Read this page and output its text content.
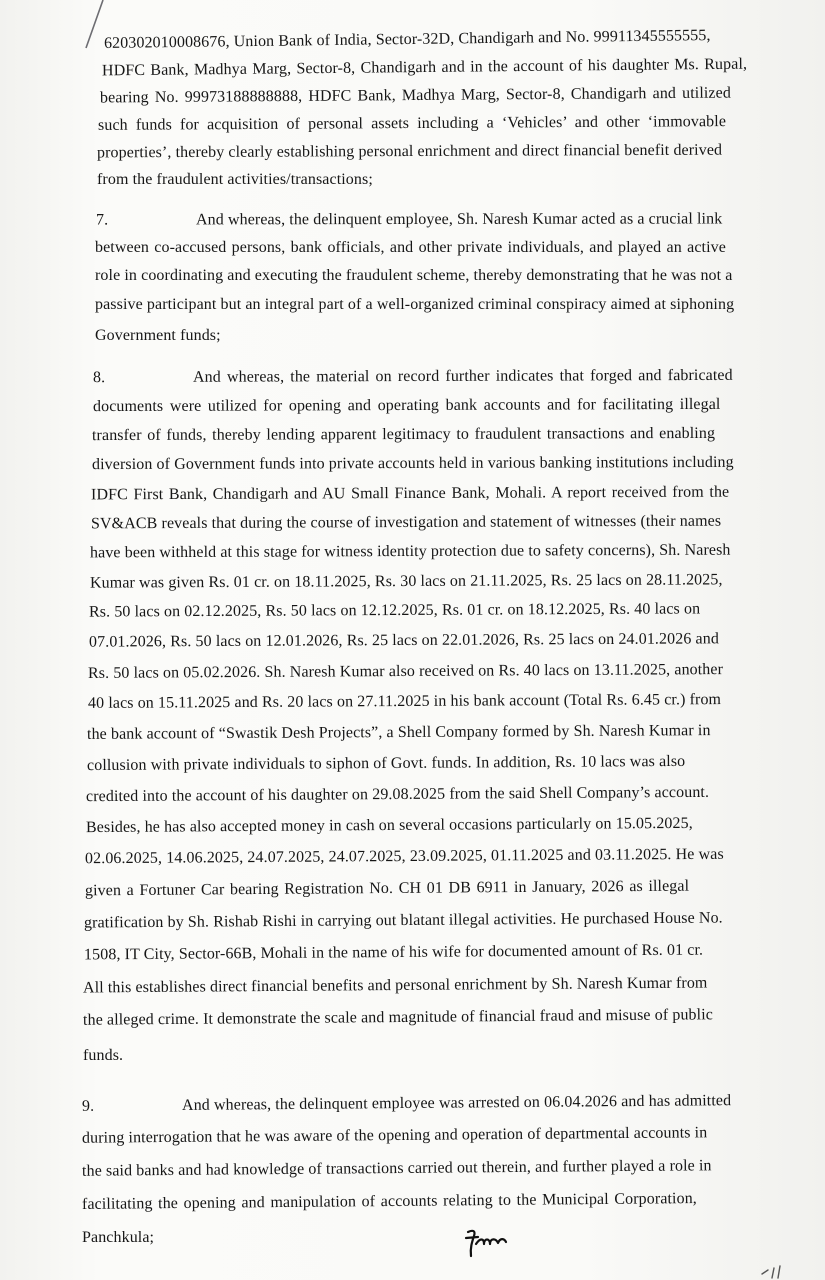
620302010008676, Union Bank of India, Sector-32D, Chandigarh and No. 99911345555555,
HDFC Bank, Madhya Marg, Sector-8, Chandigarh and in the account of his daughter Ms. Rupal,
bearing No. 99973188888888, HDFC Bank, Madhya Marg, Sector-8, Chandigarh and utilized
such funds for acquisition of personal assets including a ‘Vehicles’ and other ‘immovable
properties’, thereby clearly establishing personal enrichment and direct financial benefit derived
from the fraudulent activities/transactions;
7.	And whereas, the delinquent employee, Sh. Naresh Kumar acted as a crucial link
between co-accused persons, bank officials, and other private individuals, and played an active
role in coordinating and executing the fraudulent scheme, thereby demonstrating that he was not a
passive participant but an integral part of a well-organized criminal conspiracy aimed at siphoning
Government funds;
8.	And whereas, the material on record further indicates that forged and fabricated
documents were utilized for opening and operating bank accounts and for facilitating illegal
transfer of funds, thereby lending apparent legitimacy to fraudulent transactions and enabling
diversion of Government funds into private accounts held in various banking institutions including
IDFC First Bank, Chandigarh and AU Small Finance Bank, Mohali. A report received from the
SV&ACB reveals that during the course of investigation and statement of witnesses (their names
have been withheld at this stage for witness identity protection due to safety concerns), Sh. Naresh
Kumar was given Rs. 01 cr. on 18.11.2025, Rs. 30 lacs on 21.11.2025, Rs. 25 lacs on 28.11.2025,
Rs. 50 lacs on 02.12.2025, Rs. 50 lacs on 12.12.2025, Rs. 01 cr. on 18.12.2025, Rs. 40 lacs on
07.01.2026, Rs. 50 lacs on 12.01.2026, Rs. 25 lacs on 22.01.2026, Rs. 25 lacs on 24.01.2026 and
Rs. 50 lacs on 05.02.2026. Sh. Naresh Kumar also received on Rs. 40 lacs on 13.11.2025, another
40 lacs on 15.11.2025 and Rs. 20 lacs on 27.11.2025 in his bank account (Total Rs. 6.45 cr.) from
the bank account of “Swastik Desh Projects”, a Shell Company formed by Sh. Naresh Kumar in
collusion with private individuals to siphon of Govt. funds. In addition, Rs. 10 lacs was also
credited into the account of his daughter on 29.08.2025 from the said Shell Company’s account.
Besides, he has also accepted money in cash on several occasions particularly on 15.05.2025,
02.06.2025, 14.06.2025, 24.07.2025, 24.07.2025, 23.09.2025, 01.11.2025 and 03.11.2025. He was
given a Fortuner Car bearing Registration No. CH 01 DB 6911 in January, 2026 as illegal
gratification by Sh. Rishab Rishi in carrying out blatant illegal activities. He purchased House No.
1508, IT City, Sector-66B, Mohali in the name of his wife for documented amount of Rs. 01 cr.
All this establishes direct financial benefits and personal enrichment by Sh. Naresh Kumar from
the alleged crime. It demonstrate the scale and magnitude of financial fraud and misuse of public
funds.
9.	And whereas, the delinquent employee was arrested on 06.04.2026 and has admitted
during interrogation that he was aware of the opening and operation of departmental accounts in
the said banks and had knowledge of transactions carried out therein, and further played a role in
facilitating the opening and manipulation of accounts relating to the Municipal Corporation,
Panchkula;
